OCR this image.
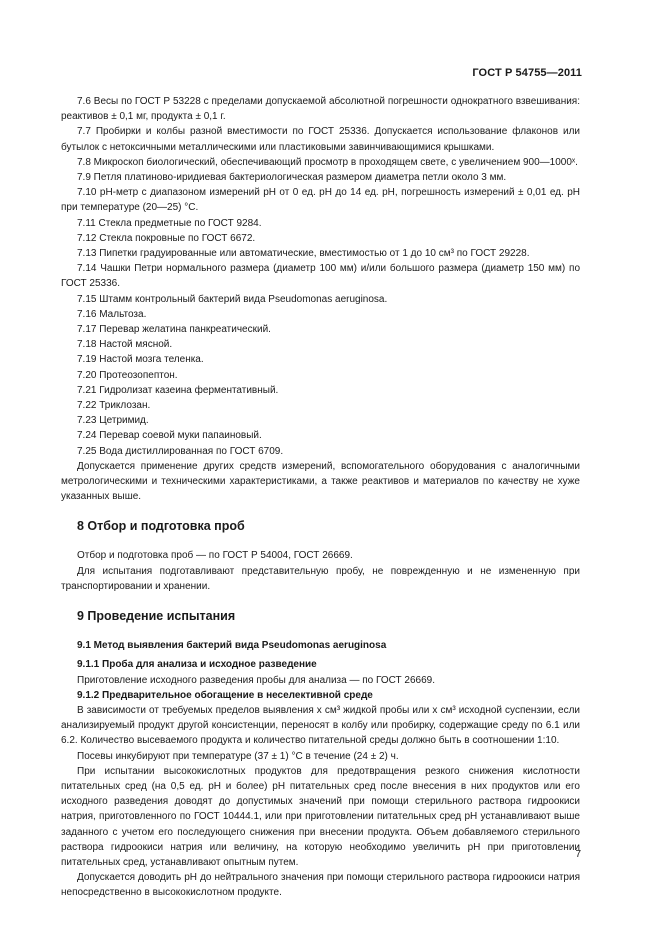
ГОСТ Р 54755—2011

7.6 Весы по ГОСТ Р 53228 с пределами допускаемой абсолютной погрешности однократного взвешивания: реактивов ± 0,1 мг, продукта ± 0,1 г.

7.7 Пробирки и колбы разной вместимости по ГОСТ 25336. Допускается использование флаконов или бутылок с нетоксичными металлическими или пластиковыми завинчивающимися крышками.

7.8 Микроскоп биологический, обеспечивающий просмотр в проходящем свете, с увеличением 900—1000ˣ.

7.9 Петля платиново-иридиевая бактериологическая размером диаметра петли около 3 мм.

7.10 pH-метр с диапазоном измерений pH от 0 ед. pH до 14 ед. pH, погрешность измерений ± 0,01 ед. pH при температуре (20—25) °С.

7.11 Стекла предметные по ГОСТ 9284.

7.12 Стекла покровные по ГОСТ 6672.

7.13 Пипетки градуированные или автоматические, вместимостью от 1 до 10 см³ по ГОСТ 29228.

7.14 Чашки Петри нормального размера (диаметр 100 мм) и/или большого размера (диаметр 150 мм) по ГОСТ 25336.

7.15 Штамм контрольный бактерий вида Pseudomonas aeruginosa.

7.16 Мальтоза.

7.17 Перевар желатина панкреатический.

7.18 Настой мясной.

7.19 Настой мозга теленка.

7.20 Протеозопептон.

7.21 Гидролизат казеина ферментативный.

7.22 Триклозан.

7.23 Цетримид.

7.24 Перевар соевой муки папаиновый.

7.25 Вода дистиллированная по ГОСТ 6709.

Допускается применение других средств измерений, вспомогательного оборудования с аналогичными метрологическими и техническими характеристиками, а также реактивов и материалов по качеству не хуже указанных выше.

8 Отбор и подготовка проб

Отбор и подготовка проб — по ГОСТ Р 54004, ГОСТ 26669.

Для испытания подготавливают представительную пробу, не поврежденную и не измененную при транспортировании и хранении.

9 Проведение испытания

9.1 Метод выявления бактерий вида Pseudomonas aeruginosa

9.1.1 Проба для анализа и исходное разведение

Приготовление исходного разведения пробы для анализа — по ГОСТ 26669.

9.1.2 Предварительное обогащение в неселективной среде

В зависимости от требуемых пределов выявления x см³ жидкой пробы или x см³ исходной суспензии, если анализируемый продукт другой консистенции, переносят в колбу или пробирку, содержащие среду по 6.1 или 6.2. Количество высеваемого продукта и количество питательной среды должно быть в соотношении 1:10.

Посевы инкубируют при температуре (37 ± 1) °С в течение (24 ± 2) ч.

При испытании высококислотных продуктов для предотвращения резкого снижения кислотности питательных сред (на 0,5 ед. pH и более) pH питательных сред после внесения в них продуктов или его исходного разведения доводят до допустимых значений при помощи стерильного раствора гидроокиси натрия, приготовленного по ГОСТ 10444.1, или при приготовлении питательных сред pH устанавливают выше заданного с учетом его последующего снижения при внесении продукта. Объем добавляемого стерильного раствора гидроокиси натрия или величину, на которую необходимо увеличить pH при приготовлении питательных сред, устанавливают опытным путем.

Допускается доводить pH до нейтрального значения при помощи стерильного раствора гидроокиси натрия непосредственно в высококислотном продукте.

7
